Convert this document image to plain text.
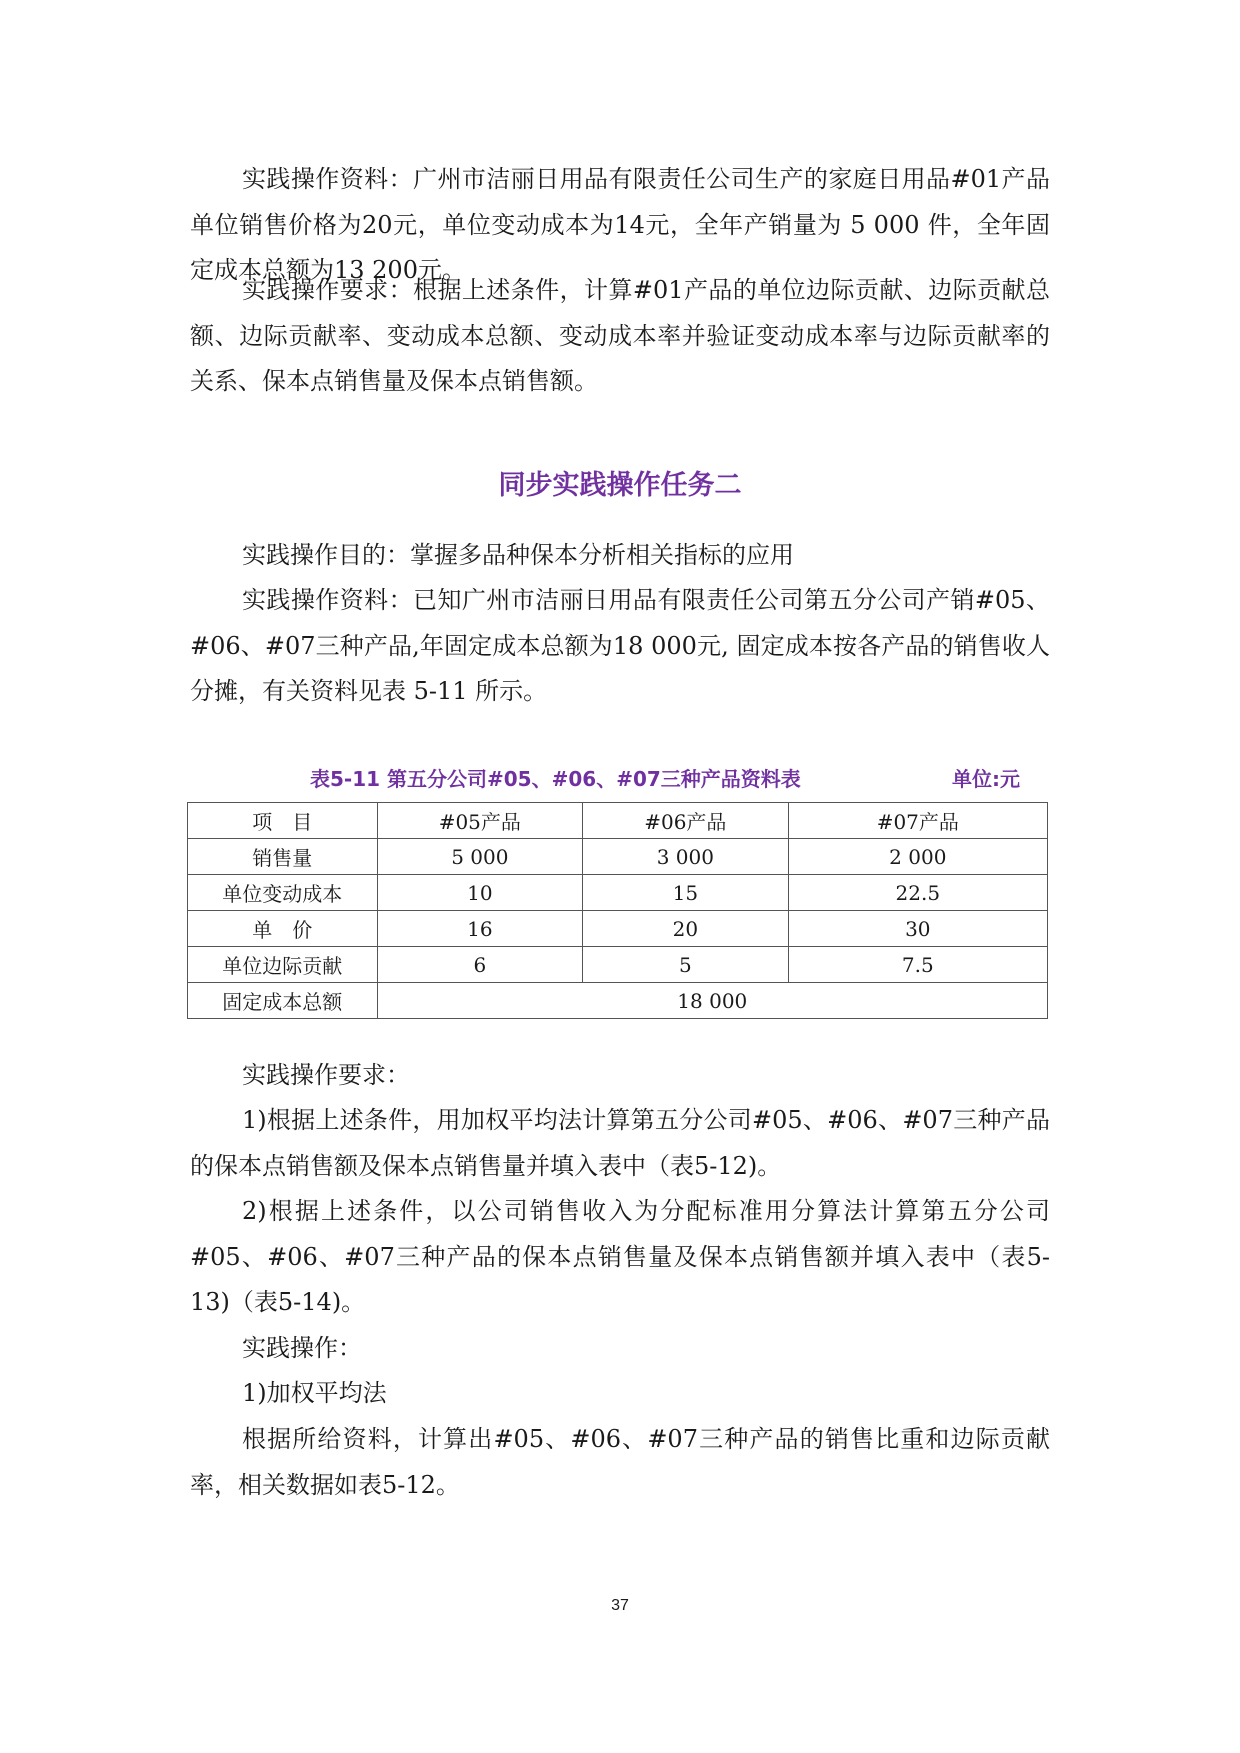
实践操作资料：广州市洁丽日用品有限责任公司生产的家庭日用品#01产品单位销售价格为20元，单位变动成本为14元，全年产销量为 5 000 件，全年固定成本总额为13 200元。

实践操作要求：根据上述条件，计算#01产品的单位边际贡献、边际贡献总额、边际贡献率、变动成本总额、变动成本率并验证变动成本率与边际贡献率的关系、保本点销售量及保本点销售额。

同步实践操作任务二

实践操作目的：掌握多品种保本分析相关指标的应用

实践操作资料：已知广州市洁丽日用品有限责任公司第五分公司产销#05、#06、#07三种产品,年固定成本总额为18 000元, 固定成本按各产品的销售收人分摊，有关资料见表 5-11 所示。

表5-11 第五分公司#05、#06、#07三种产品资料表	单位:元
项　目	#05产品	#06产品	#07产品
销售量	5 000	3 000	2 000
单位变动成本	10	15	22.5
单　价	16	20	30
单位边际贡献	6	5	7.5
固定成本总额	18 000		

实践操作要求：

1)根据上述条件，用加权平均法计算第五分公司#05、#06、#07三种产品的保本点销售额及保本点销售量并填入表中（表5-12)。

2)根据上述条件，以公司销售收入为分配标准用分算法计算第五分公司#05、#06、#07三种产品的保本点销售量及保本点销售额并填入表中（表5-13)（表5-14)。

实践操作：

1)加权平均法

根据所给资料，计算出#05、#06、#07三种产品的销售比重和边际贡献率，相关数据如表5-12。

37
